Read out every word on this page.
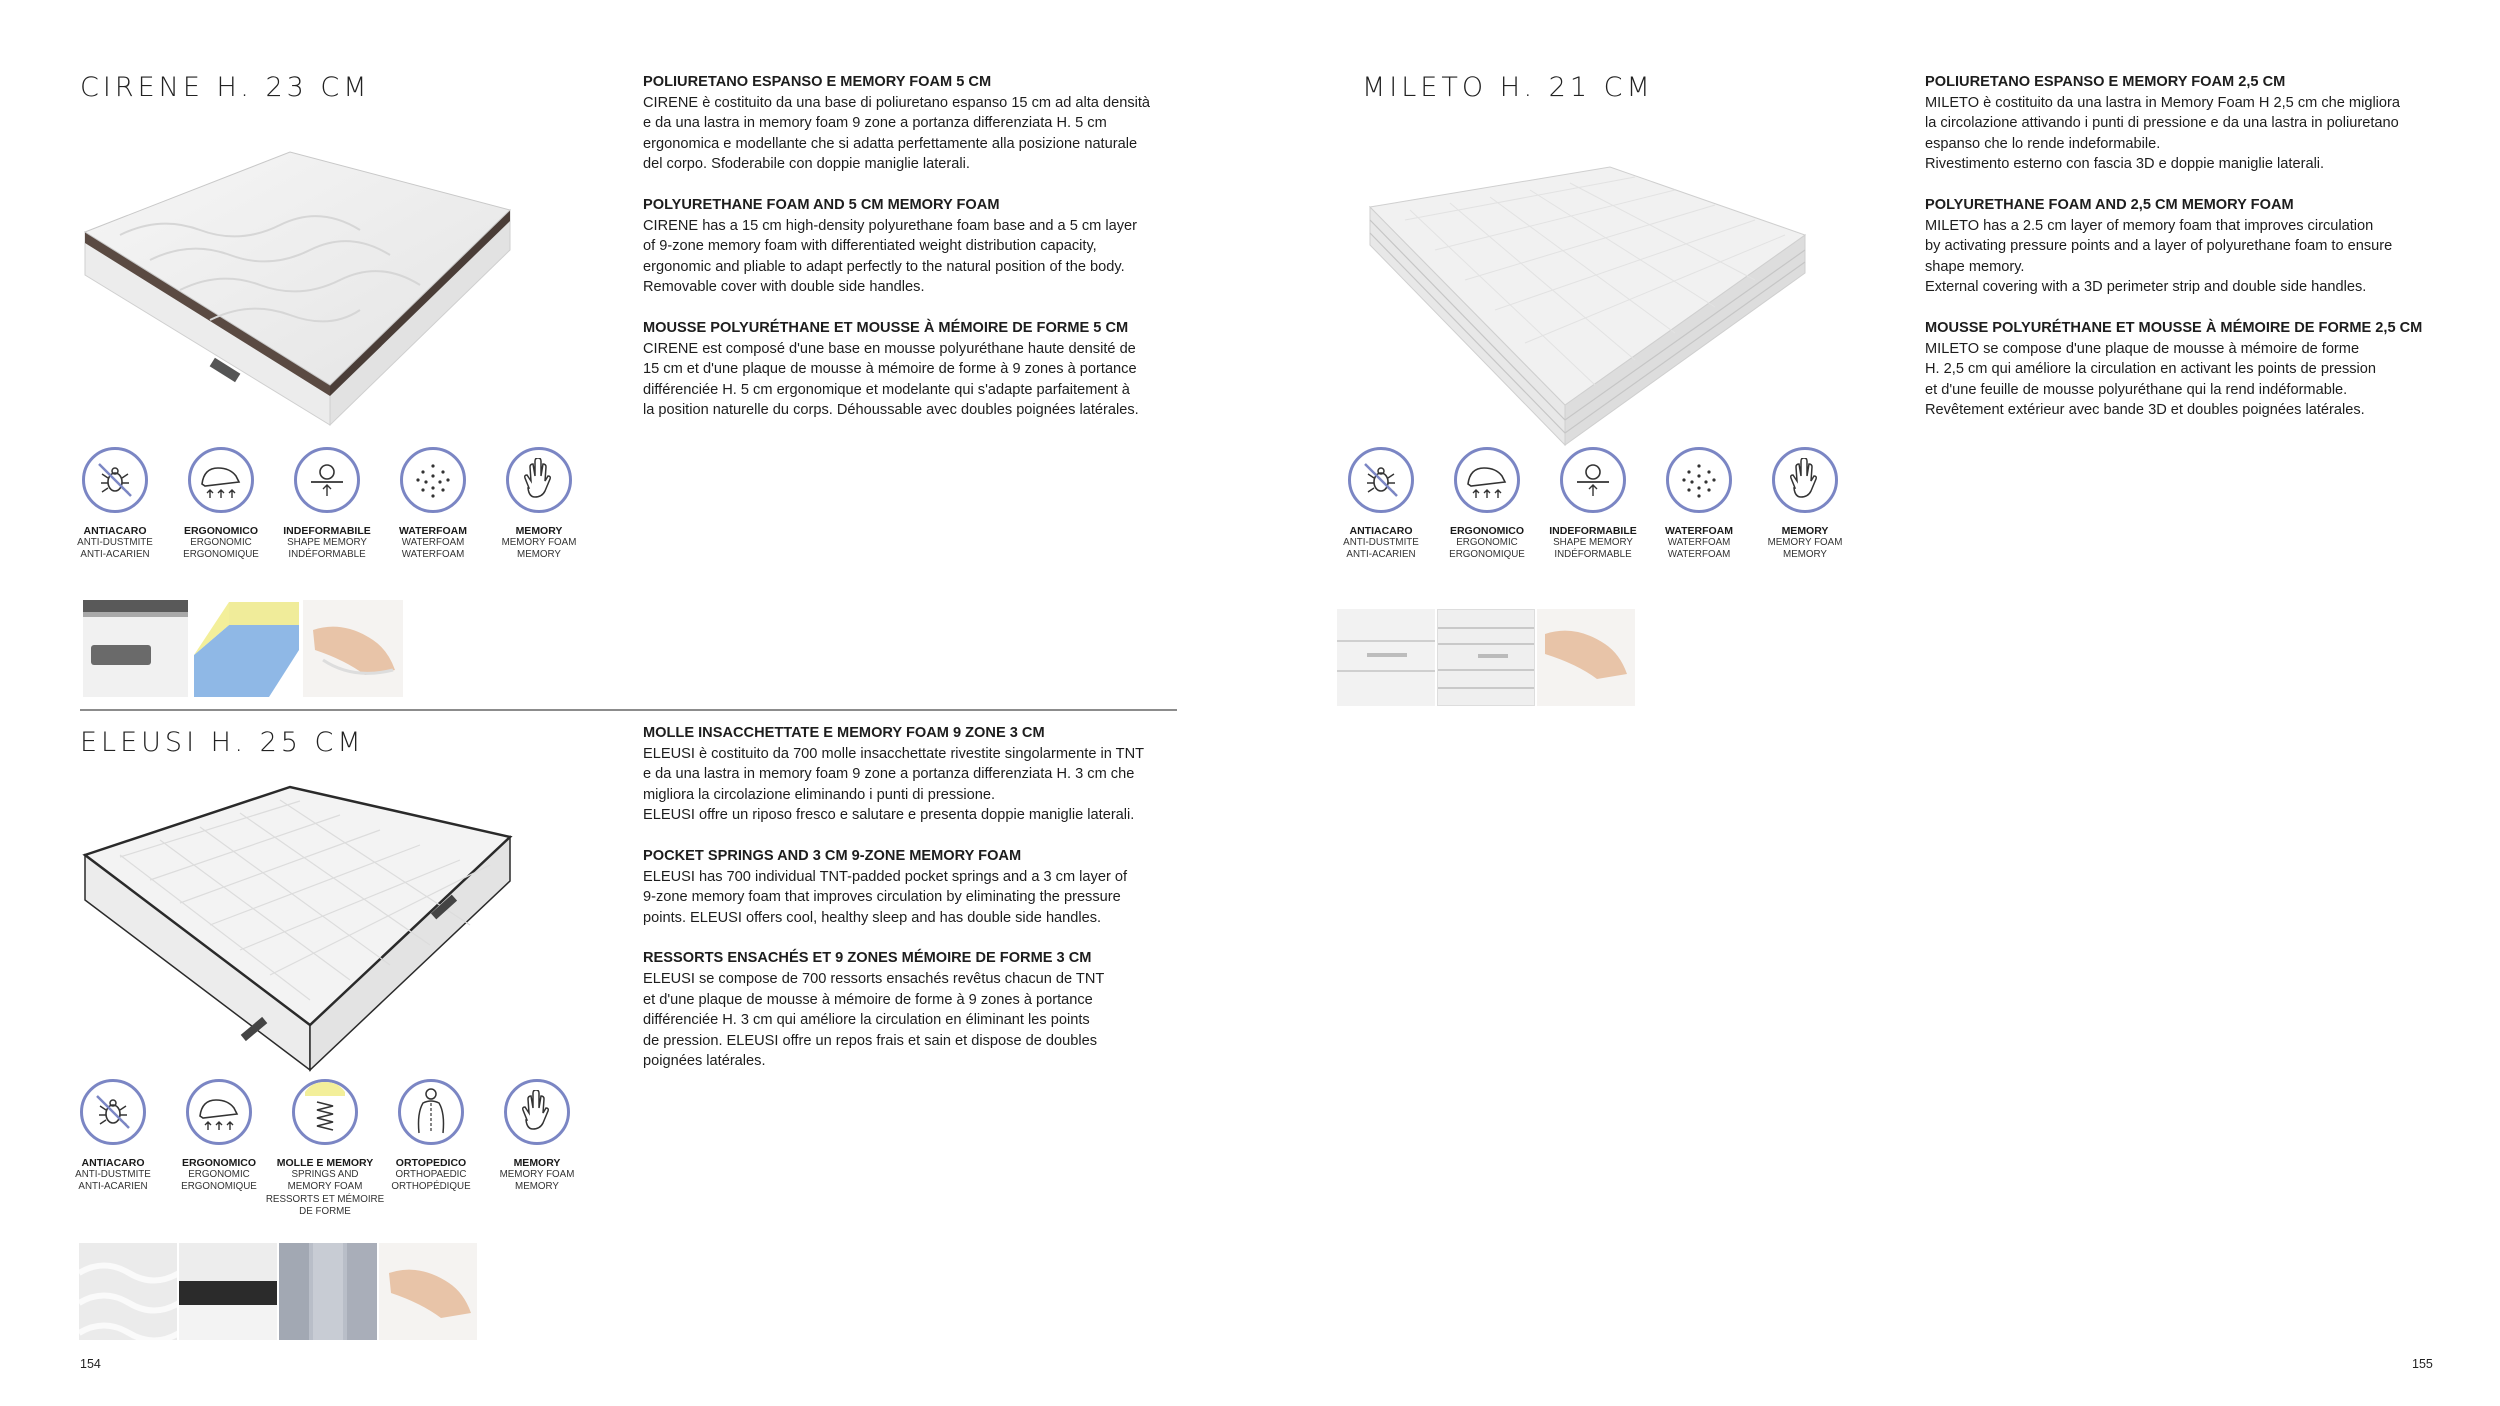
CIRENE H. 23 CM	POLIURETANO ESPANSO E MEMORY FOAM 5 CM
CIRENE è costituito da una base di poliuretano espanso 15 cm ad alta densità
e da una lastra in memory foam 9 zone a portanza differenziata H. 5 cm
ergonomica e modellante che si adatta perfettamente alla posizione naturale
del corpo. Sfoderabile con doppie maniglie laterali.
POLYURETHANE FOAM AND 5 CM MEMORY FOAM
CIRENE has a 15 cm high-density polyurethane foam base and a 5 cm layer
of 9-zone memory foam with differentiated weight distribution capacity,
ergonomic and pliable to adapt perfectly to the natural position of the body.
Removable cover with double side handles.
MOUSSE POLYURÉTHANE ET MOUSSE À MÉMOIRE DE FORME 5 CM
CIRENE est composé d'une base en mousse polyuréthane haute densité de
15 cm et d'une plaque de mousse à mémoire de forme à 9 zones à portance
différenciée H. 5 cm ergonomique et modelante qui s'adapte parfaitement à
la position naturelle du corps. Déhoussable avec doubles poignées latérales.
ANTIACARO
ANTI-DUSTMITE
ANTI-ACARIEN
ERGONOMICO
ERGONOMIC
ERGONOMIQUE
INDEFORMABILE
SHAPE MEMORY
INDÉFORMABLE
WATERFOAM
WATERFOAM
WATERFOAM
MEMORY
MEMORY FOAM
MEMORY
ELEUSI H. 25 CM	MOLLE INSACCHETTATE E MEMORY FOAM 9 ZONE 3 CM
ELEUSI è costituito da 700 molle insacchettate rivestite singolarmente in TNT
e da una lastra in memory foam 9 zone a portanza differenziata H. 3 cm che
migliora la circolazione eliminando i punti di pressione.
ELEUSI offre un riposo fresco e salutare e presenta doppie maniglie laterali.
POCKET SPRINGS AND 3 CM 9-ZONE MEMORY FOAM
ELEUSI has 700 individual TNT-padded pocket springs and a 3 cm layer of
9-zone memory foam that improves circulation by eliminating the pressure
points. ELEUSI offers cool, healthy sleep and has double side handles.
RESSORTS ENSACHÉS ET 9 ZONES MÉMOIRE DE FORME 3 CM
ELEUSI se compose de 700 ressorts ensachés revêtus chacun de TNT
et d'une plaque de mousse à mémoire de forme à 9 zones à portance
différenciée H. 3 cm qui améliore la circulation en éliminant les points
de pression. ELEUSI offre un repos frais et sain et dispose de doubles
poignées latérales.
ANTIACARO
ANTI-DUSTMITE
ANTI-ACARIEN
ERGONOMICO
ERGONOMIC
ERGONOMIQUE
MOLLE E MEMORY
SPRINGS AND
MEMORY FOAM
RESSORTS ET MÉMOIRE
DE FORME
ORTOPEDICO
ORTHOPAEDIC
ORTHOPÉDIQUE
MEMORY
MEMORY FOAM
MEMORY
154
MILETO H. 21 CM	POLIURETANO ESPANSO E MEMORY FOAM 2,5 CM
MILETO è costituito da una lastra in Memory Foam H 2,5 cm che migliora
la circolazione attivando i punti di pressione e da una lastra in poliuretano
espanso che lo rende indeformabile.
Rivestimento esterno con fascia 3D e doppie maniglie laterali.
POLYURETHANE FOAM AND 2,5 CM MEMORY FOAM
MILETO has a 2.5 cm layer of memory foam that improves circulation
by activating pressure points and a layer of polyurethane foam to ensure
shape memory.
External covering with a 3D perimeter strip and double side handles.
MOUSSE POLYURÉTHANE ET MOUSSE À MÉMOIRE DE FORME 2,5 CM
MILETO se compose d'une plaque de mousse à mémoire de forme
H. 2,5 cm qui améliore la circulation en activant les points de pression
et d'une feuille de mousse polyuréthane qui la rend indéformable.
Revêtement extérieur avec bande 3D et doubles poignées latérales.
ANTIACARO
ANTI-DUSTMITE
ANTI-ACARIEN
ERGONOMICO
ERGONOMIC
ERGONOMIQUE
INDEFORMABILE
SHAPE MEMORY
INDÉFORMABLE
WATERFOAM
WATERFOAM
WATERFOAM
MEMORY
MEMORY FOAM
MEMORY
155
